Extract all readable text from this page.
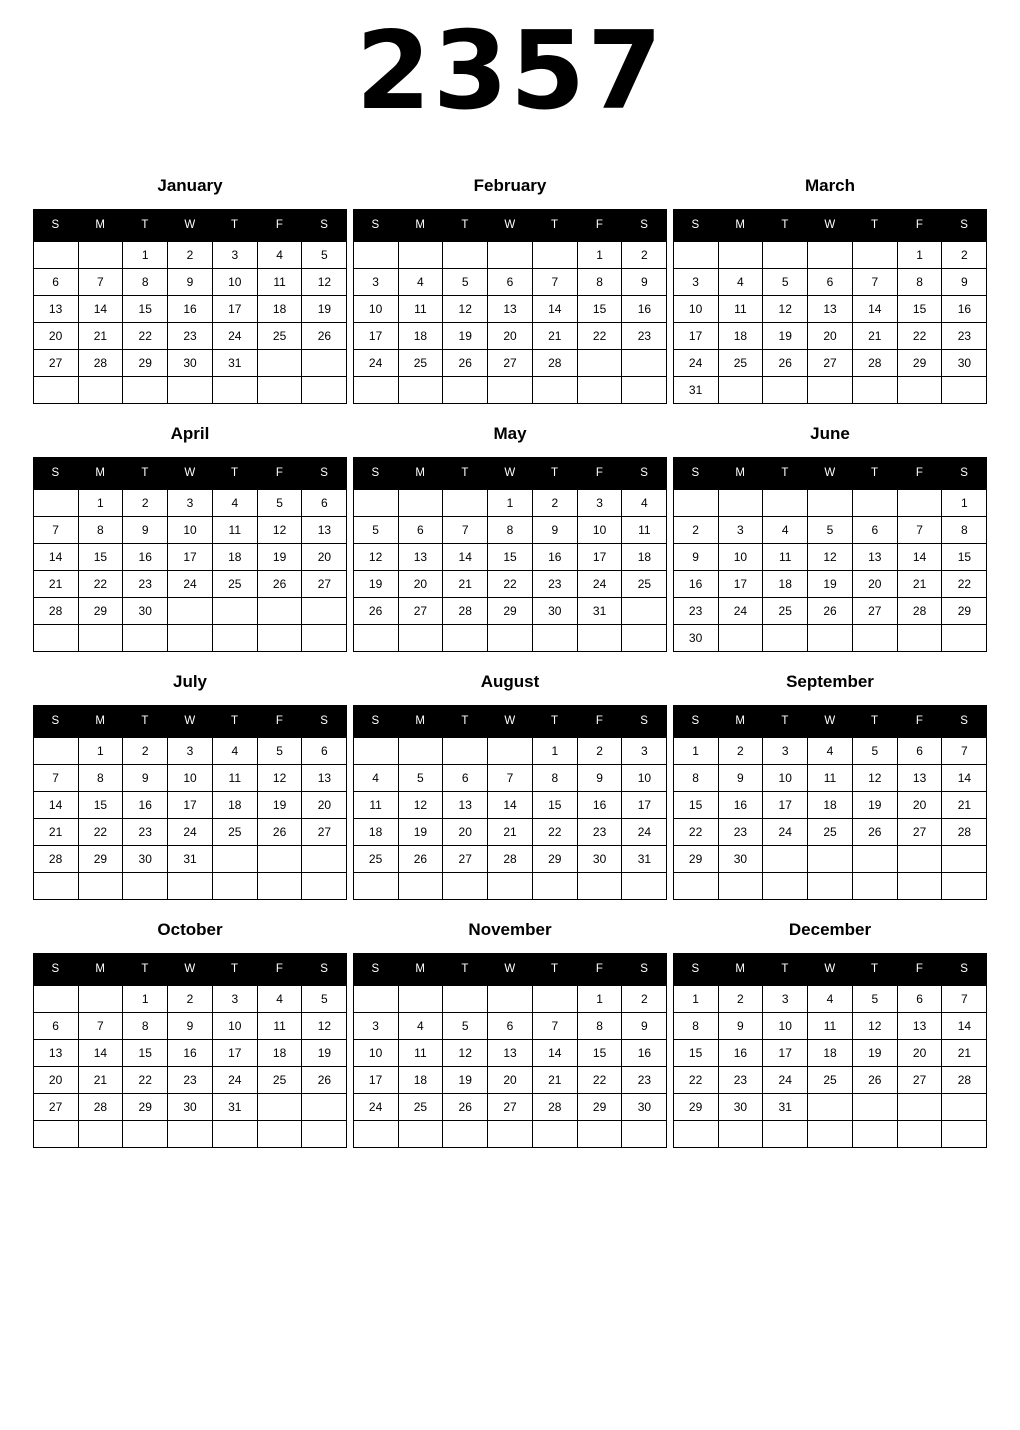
2357
January
S	M	T	W	T	F	S
		1	2	3	4	5
6	7	8	9	10	11	12
13	14	15	16	17	18	19
20	21	22	23	24	25	26
27	28	29	30	31		

February
S	M	T	W	T	F	S
					1	2
3	4	5	6	7	8	9
10	11	12	13	14	15	16
17	18	19	20	21	22	23
24	25	26	27	28		

March
S	M	T	W	T	F	S
					1	2
3	4	5	6	7	8	9
10	11	12	13	14	15	16
17	18	19	20	21	22	23
24	25	26	27	28	29	30
31						
April
S	M	T	W	T	F	S
	1	2	3	4	5	6
7	8	9	10	11	12	13
14	15	16	17	18	19	20
21	22	23	24	25	26	27
28	29	30				

May
S	M	T	W	T	F	S
			1	2	3	4
5	6	7	8	9	10	11
12	13	14	15	16	17	18
19	20	21	22	23	24	25
26	27	28	29	30	31	

June
S	M	T	W	T	F	S
						1
2	3	4	5	6	7	8
9	10	11	12	13	14	15
16	17	18	19	20	21	22
23	24	25	26	27	28	29
30						
July
S	M	T	W	T	F	S
	1	2	3	4	5	6
7	8	9	10	11	12	13
14	15	16	17	18	19	20
21	22	23	24	25	26	27
28	29	30	31			

August
S	M	T	W	T	F	S
				1	2	3
4	5	6	7	8	9	10
11	12	13	14	15	16	17
18	19	20	21	22	23	24
25	26	27	28	29	30	31

September
S	M	T	W	T	F	S
1	2	3	4	5	6	7
8	9	10	11	12	13	14
15	16	17	18	19	20	21
22	23	24	25	26	27	28
29	30					

October
S	M	T	W	T	F	S
		1	2	3	4	5
6	7	8	9	10	11	12
13	14	15	16	17	18	19
20	21	22	23	24	25	26
27	28	29	30	31		

November
S	M	T	W	T	F	S
					1	2
3	4	5	6	7	8	9
10	11	12	13	14	15	16
17	18	19	20	21	22	23
24	25	26	27	28	29	30

December
S	M	T	W	T	F	S
1	2	3	4	5	6	7
8	9	10	11	12	13	14
15	16	17	18	19	20	21
22	23	24	25	26	27	28
29	30	31				
